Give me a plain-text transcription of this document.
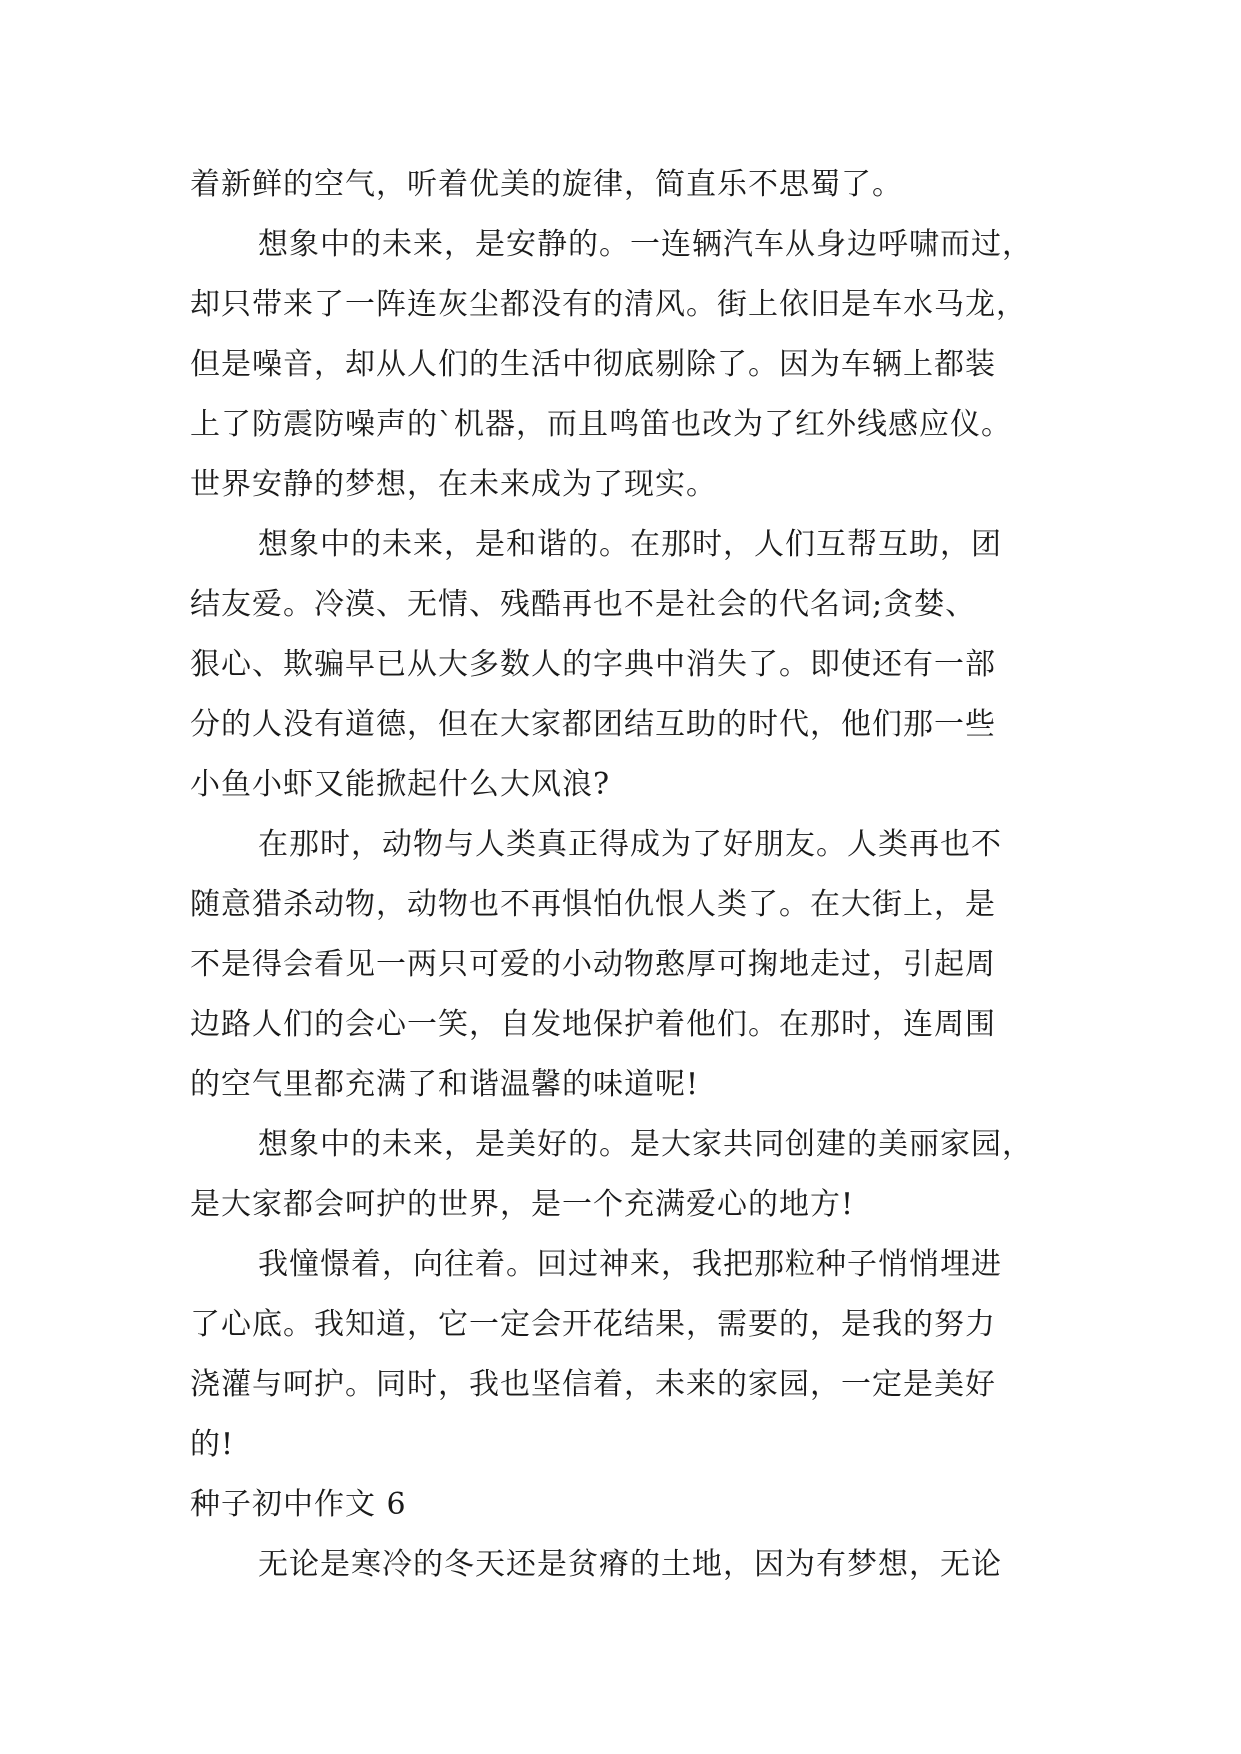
着新鲜的空气，听着优美的旋律，简直乐不思蜀了。
想象中的未来，是安静的。一连辆汽车从身边呼啸而过，
却只带来了一阵连灰尘都没有的清风。街上依旧是车水马龙，
但是噪音，却从人们的生活中彻底剔除了。因为车辆上都装
上了防震防噪声的`机器，而且鸣笛也改为了红外线感应仪。
世界安静的梦想，在未来成为了现实。
想象中的未来，是和谐的。在那时，人们互帮互助，团
结友爱。冷漠、无情、残酷再也不是社会的代名词;贪婪、
狠心、欺骗早已从大多数人的字典中消失了。即使还有一部
分的人没有道德，但在大家都团结互助的时代，他们那一些
小鱼小虾又能掀起什么大风浪?
在那时，动物与人类真正得成为了好朋友。人类再也不
随意猎杀动物，动物也不再惧怕仇恨人类了。在大街上，是
不是得会看见一两只可爱的小动物憨厚可掬地走过，引起周
边路人们的会心一笑，自发地保护着他们。在那时，连周围
的空气里都充满了和谐温馨的味道呢!
想象中的未来，是美好的。是大家共同创建的美丽家园，
是大家都会呵护的世界，是一个充满爱心的地方!
我憧憬着，向往着。回过神来，我把那粒种子悄悄埋进
了心底。我知道，它一定会开花结果，需要的，是我的努力
浇灌与呵护。同时，我也坚信着，未来的家园，一定是美好
的!
种子初中作文 6
无论是寒冷的冬天还是贫瘠的土地，因为有梦想，无论
